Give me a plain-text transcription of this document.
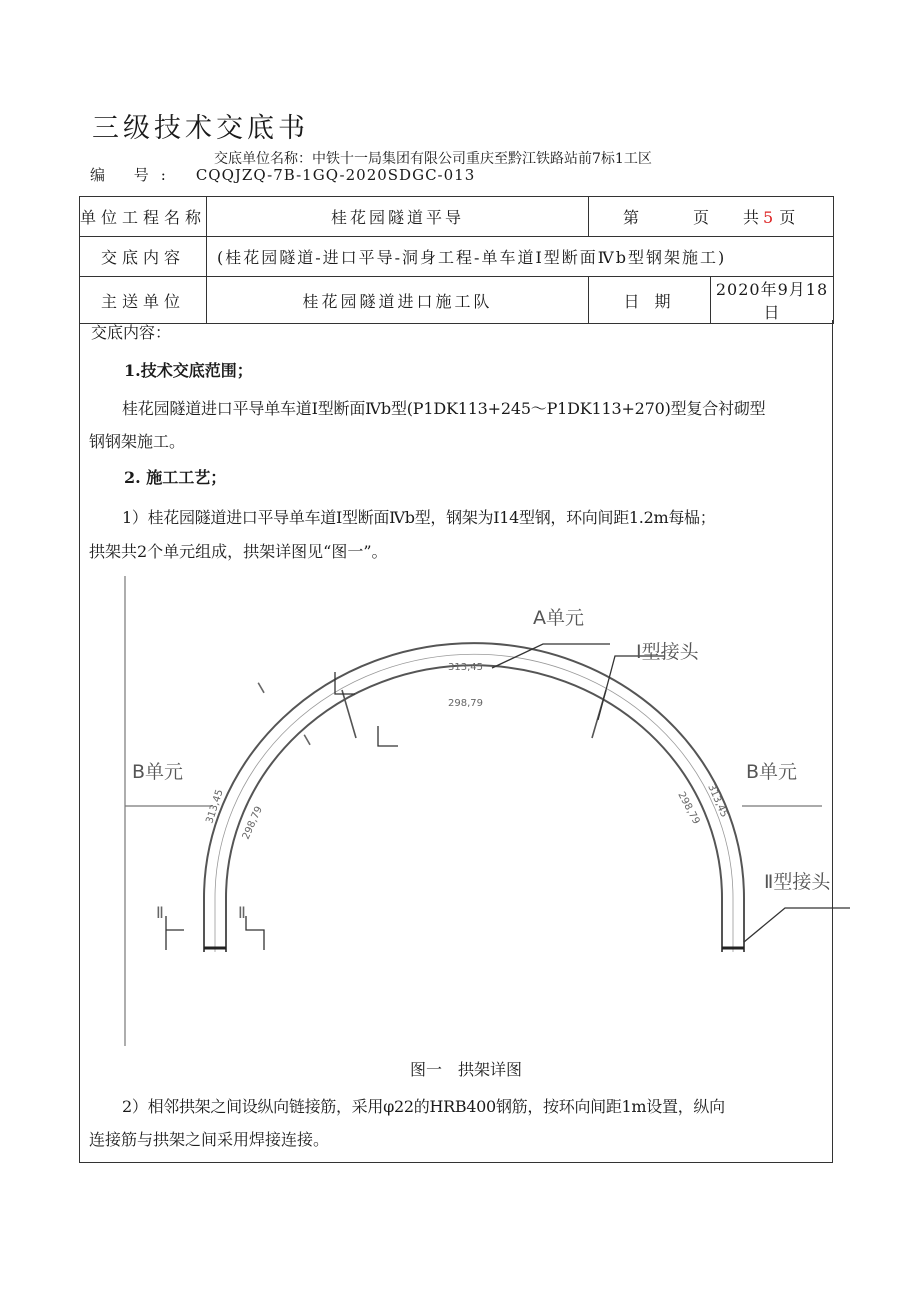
三级技术交底书
交底单位名称：中铁十一局集团有限公司重庆至黔江铁路站前7标1工区
编 号: CQQJZQ-7B-1GQ-2020SDGC-013
单位工程名称	桂花园隧道平导	第 页 共 5 页	
交底内容	(桂花园隧道-进口平导-洞身工程-单车道Ⅰ型断面Ⅳb型钢架施工)		
主送单位	桂花园隧道进口施工队	日 期	2020年9月18日
交底内容：
1.技术交底范围；
桂花园隧道进口平导单车道Ⅰ型断面Ⅳb型(P1DK113+245～P1DK113+270)型复合衬砌型
钢钢架施工。
2. 施工工艺；
1）桂花园隧道进口平导单车道Ⅰ型断面Ⅳb型，钢架为I14型钢，环向间距1.2m每榀；
拱架共2个单元组成，拱架详图见“图一”。
313,45
298,79
313,45 298,79
313,45
298,79
Ⅰ
Ⅰ
Ⅱ	Ⅱ
A单元
Ⅰ型接头
B单元	B单元
Ⅱ型接头
图一　拱架详图
2）相邻拱架之间设纵向链接筋，采用φ22的HRB400钢筋，按环向间距1m设置，纵向
连接筋与拱架之间采用焊接连接。
